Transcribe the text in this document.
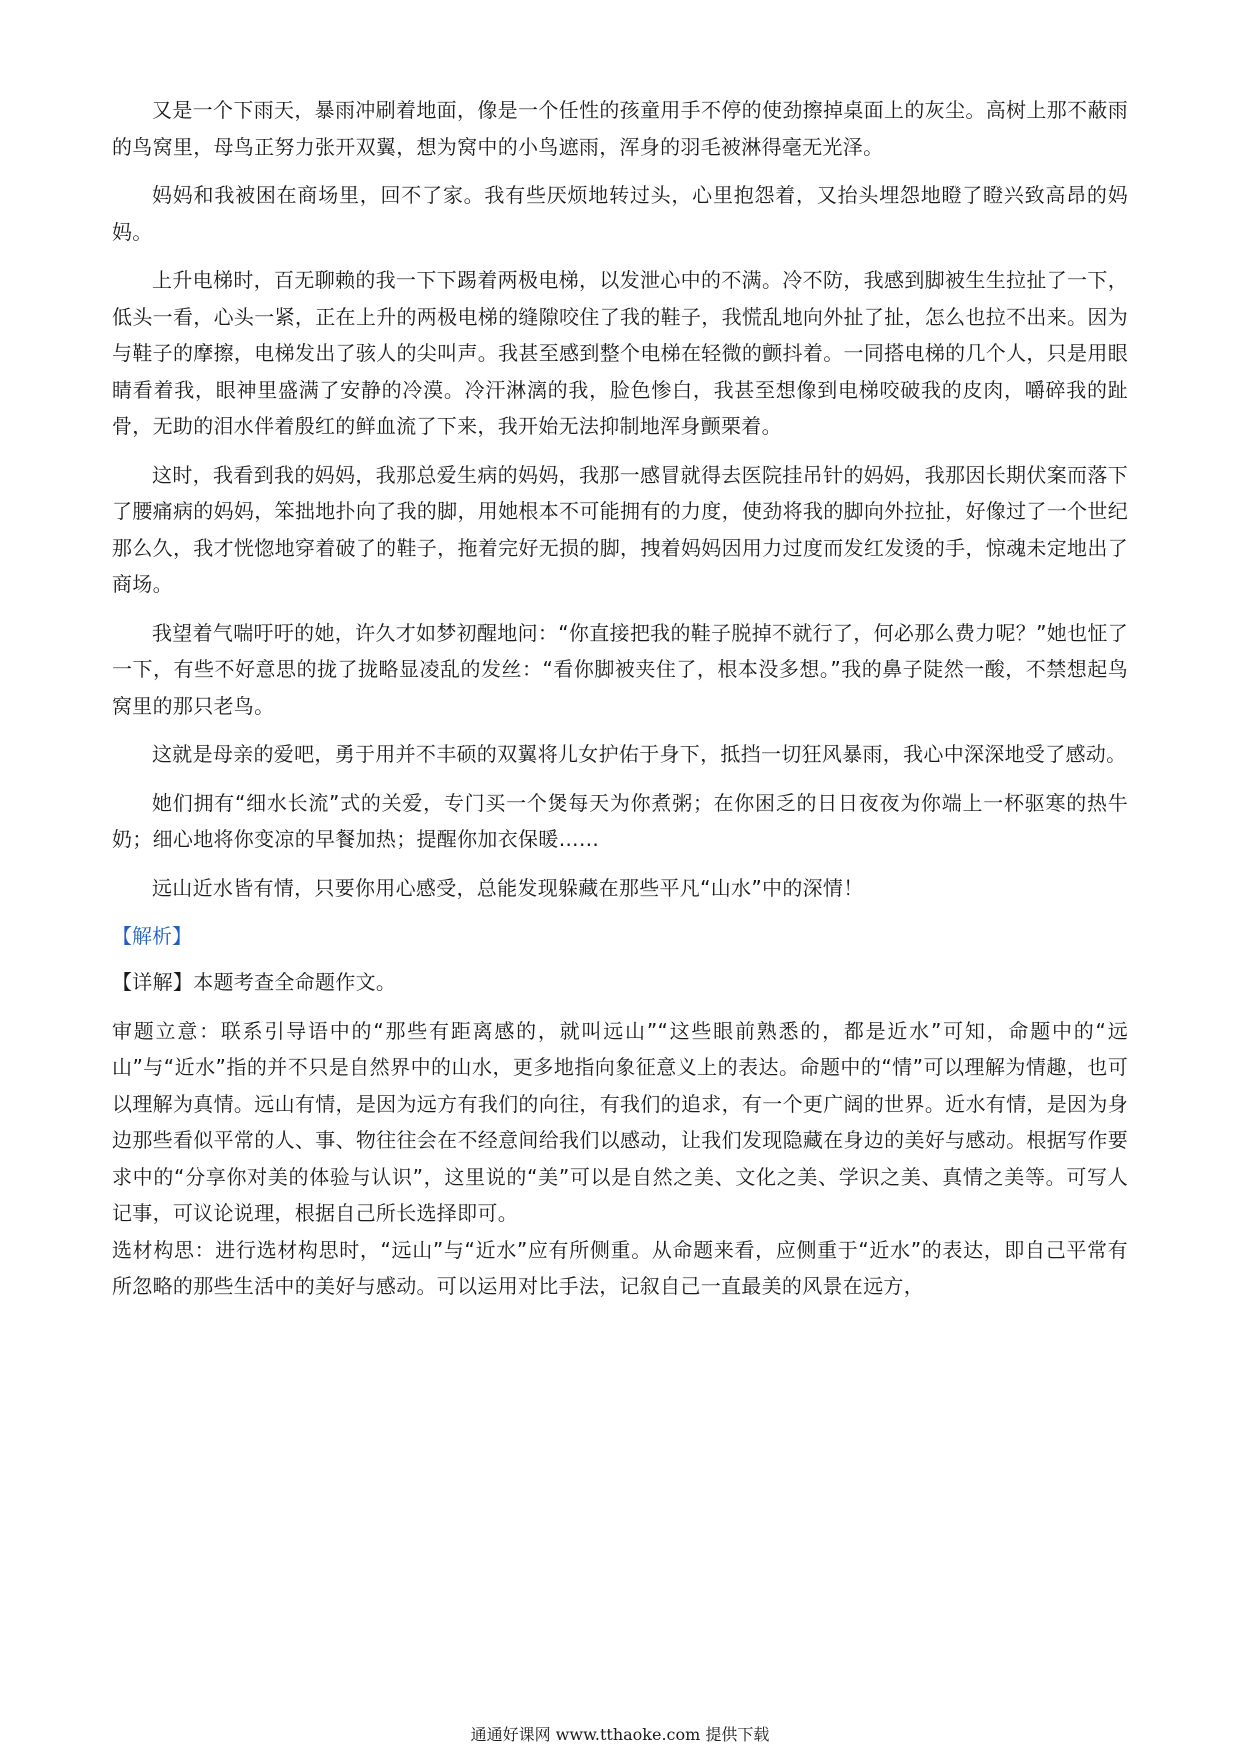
又是一个下雨天，暴雨冲刷着地面，像是一个任性的孩童用手不停的使劲擦掉桌面上的灰尘。高树上那不蔽雨的鸟窝里，母鸟正努力张开双翼，想为窝中的小鸟遮雨，浑身的羽毛被淋得毫无光泽。

妈妈和我被困在商场里，回不了家。我有些厌烦地转过头，心里抱怨着，又抬头埋怨地瞪了瞪兴致高昂的妈妈。

上升电梯时，百无聊赖的我一下下踢着两极电梯，以发泄心中的不满。冷不防，我感到脚被生生拉扯了一下，低头一看，心头一紧，正在上升的两极电梯的缝隙咬住了我的鞋子，我慌乱地向外扯了扯，怎么也拉不出来。因为与鞋子的摩擦，电梯发出了骇人的尖叫声。我甚至感到整个电梯在轻微的颤抖着。一同搭电梯的几个人，只是用眼睛看着我，眼神里盛满了安静的冷漠。冷汗淋漓的我，脸色惨白，我甚至想像到电梯咬破我的皮肉，嚼碎我的趾骨，无助的泪水伴着殷红的鲜血流了下来，我开始无法抑制地浑身颤栗着。

这时，我看到我的妈妈，我那总爱生病的妈妈，我那一感冒就得去医院挂吊针的妈妈，我那因长期伏案而落下了腰痛病的妈妈，笨拙地扑向了我的脚，用她根本不可能拥有的力度，使劲将我的脚向外拉扯，好像过了一个世纪那么久，我才恍惚地穿着破了的鞋子，拖着完好无损的脚，拽着妈妈因用力过度而发红发烫的手，惊魂未定地出了商场。

我望着气喘吁吁的她，许久才如梦初醒地问：“你直接把我的鞋子脱掉不就行了，何必那么费力呢？”她也怔了一下，有些不好意思的拢了拢略显凌乱的发丝：“看你脚被夹住了，根本没多想。”我的鼻子陡然一酸，不禁想起鸟窝里的那只老鸟。

这就是母亲的爱吧，勇于用并不丰硕的双翼将儿女护佑于身下，抵挡一切狂风暴雨，我心中深深地受了感动。

她们拥有“细水长流”式的关爱，专门买一个煲每天为你煮粥；在你困乏的日日夜夜为你端上一杯驱寒的热牛奶；细心地将你变凉的早餐加热；提醒你加衣保暖……

远山近水皆有情，只要你用心感受，总能发现躲藏在那些平凡“山水”中的深情！

【解析】
【详解】本题考查全命题作文。
审题立意：联系引导语中的“那些有距离感的，就叫远山”“这些眼前熟悉的，都是近水”可知，命题中的“远山”与“近水”指的并不只是自然界中的山水，更多地指向象征意义上的表达。命题中的“情”可以理解为情趣，也可以理解为真情。远山有情，是因为远方有我们的向往，有我们的追求，有一个更广阔的世界。近水有情，是因为身边那些看似平常的人、事、物往往会在不经意间给我们以感动，让我们发现隐藏在身边的美好与感动。根据写作要求中的“分享你对美的体验与认识”，这里说的“美”可以是自然之美、文化之美、学识之美、真情之美等。可写人记事，可议论说理，根据自己所长选择即可。
选材构思：进行选材构思时，“远山”与“近水”应有所侧重。从命题来看，应侧重于“近水”的表达，即自己平常有所忽略的那些生活中的美好与感动。可以运用对比手法，记叙自己一直最美的风景在远方，
通通好课网 www.tthaoke.com 提供下载
